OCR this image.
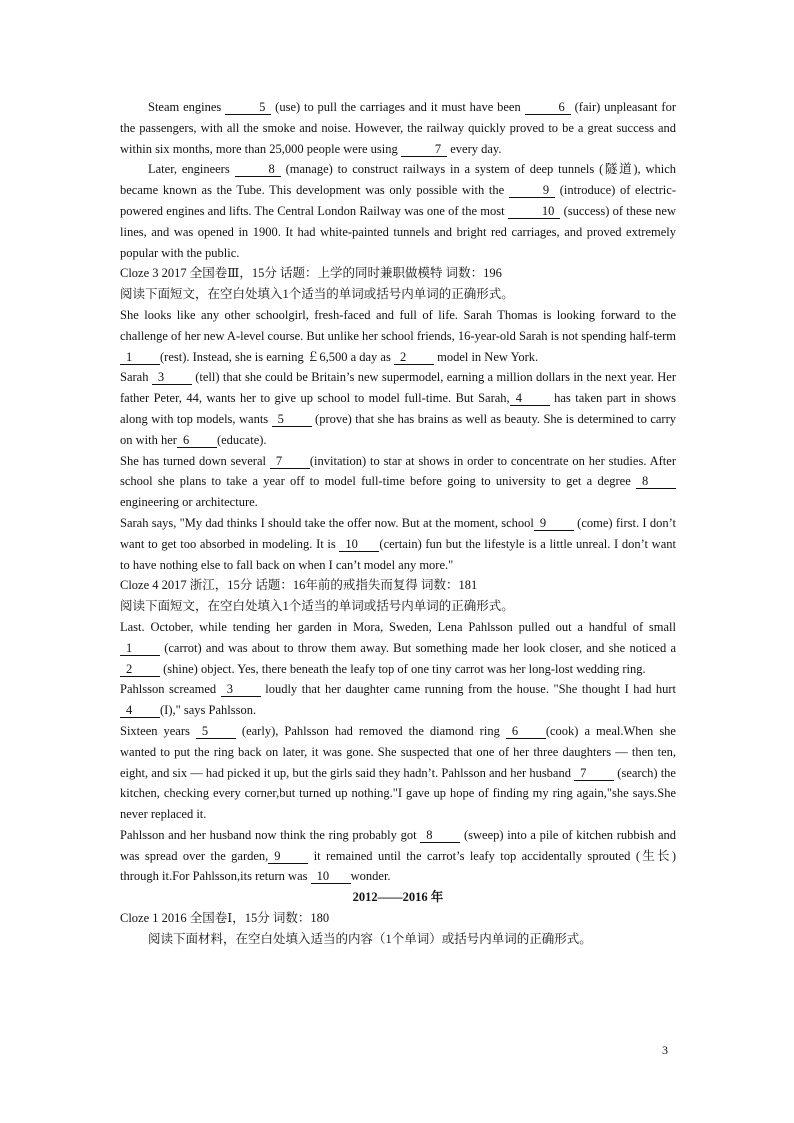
Steam engines	5 (use) to pull the carriages and it must have been	6 (fair) unpleasant for the passengers, with all the smoke and noise. However, the railway quickly proved to be a great success and within six months, more than 25,000 people were using	7 every day.

Later, engineers	8 (manage) to construct railways in a system of deep tunnels (隧道), which became known as the Tube. This development was only possible with the	9 (introduce) of electric-powered engines and lifts. The Central London Railway was one of the most	10 (success) of these new lines, and was opened in 1900. It had white-painted tunnels and bright red carriages, and proved extremely popular with the public.

Cloze 3 2017 全国卷Ⅲ，15分 话题：上学的同时兼职做模特 词数：196

阅读下面短文，在空白处填入1个适当的单词或括号内单词的正确形式。

She looks like any other schoolgirl, fresh-faced and full of life. Sarah Thomas is looking forward to the challenge of her new A-level course. But unlike her school friends, 16-year-old Sarah is not spending half-term 1 (rest). Instead, she is earning ￡6,500 a day as 2 model in New York.

Sarah 3 (tell) that she could be Britain’s new supermodel, earning a million dollars in the next year. Her father Peter, 44, wants her to give up school to model full-time. But Sarah, 4 has taken part in shows along with top models, wants 5 (prove) that she has brains as well as beauty. She is determined to carry on with her 6 (educate).

She has turned down several 7 (invitation) to star at shows in order to concentrate on her studies. After school she plans to take a year off to model full-time before going to university to get a degree 8 engineering or architecture.

Sarah says, "My dad thinks I should take the offer now. But at the moment, school 9 (come) first. I don’t want to get too absorbed in modeling. It is 10 (certain) fun but the lifestyle is a little unreal. I don’t want to have nothing else to fall back on when I can’t model any more."

Cloze 4 2017 浙江，15分 话题：16年前的戒指失而复得 词数：181

阅读下面短文，在空白处填入1个适当的单词或括号内单词的正确形式。

Last. October, while tending her garden in Mora, Sweden, Lena Pahlsson pulled out a handful of small 1 (carrot) and was about to throw them away. But something made her look closer, and she noticed a 2 (shine) object. Yes, there beneath the leafy top of one tiny carrot was her long-lost wedding ring.

Pahlsson screamed 3 loudly that her daughter came running from the house. "She thought I had hurt 4 (I)," says Pahlsson.

Sixteen years 5 (early), Pahlsson had removed the diamond ring 6 (cook) a meal.When she wanted to put the ring back on later, it was gone. She suspected that one of her three daughters — then ten, eight, and six — had picked it up, but the girls said they hadn’t. Pahlsson and her husband 7 (search) the kitchen, checking every corner,but turned up nothing."I gave up hope of finding my ring again,"she says.She never replaced it.

Pahlsson and her husband now think the ring probably got 8 (sweep) into a pile of kitchen rubbish and was spread over the garden, 9 it remained until the carrot’s leafy top accidentally sprouted (生长) through it.For Pahlsson,its return was 10 wonder.

2012——2016 年

Cloze 1 2016 全国卷Ⅰ，15分 词数：180

阅读下面材料，在空白处填入适当的内容（1个单词）或括号内单词的正确形式。

3
